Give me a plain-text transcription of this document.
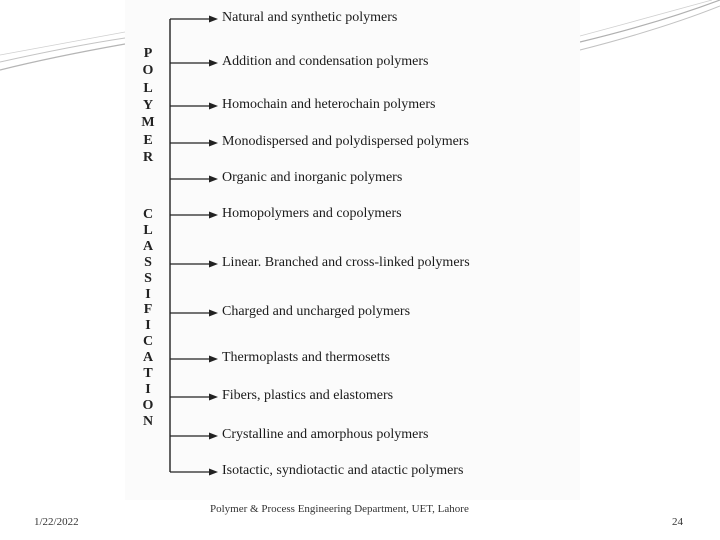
P
O
L
Y
M
E
R
C
L
A
S
S
I
F
I
C
A
T
I
O
N
Natural and synthetic polymers
Addition and condensation polymers
Homochain and heterochain polymers
Monodispersed and polydispersed polymers
Organic and inorganic polymers
Homopolymers and copolymers
Linear. Branched and cross-linked polymers
Charged and uncharged polymers
Thermoplasts and thermosetts
Fibers, plastics and elastomers
Crystalline and amorphous polymers
Isotactic, syndiotactic and atactic polymers
1/22/2022
Polymer & Process Engineering Department, UET, Lahore
24
